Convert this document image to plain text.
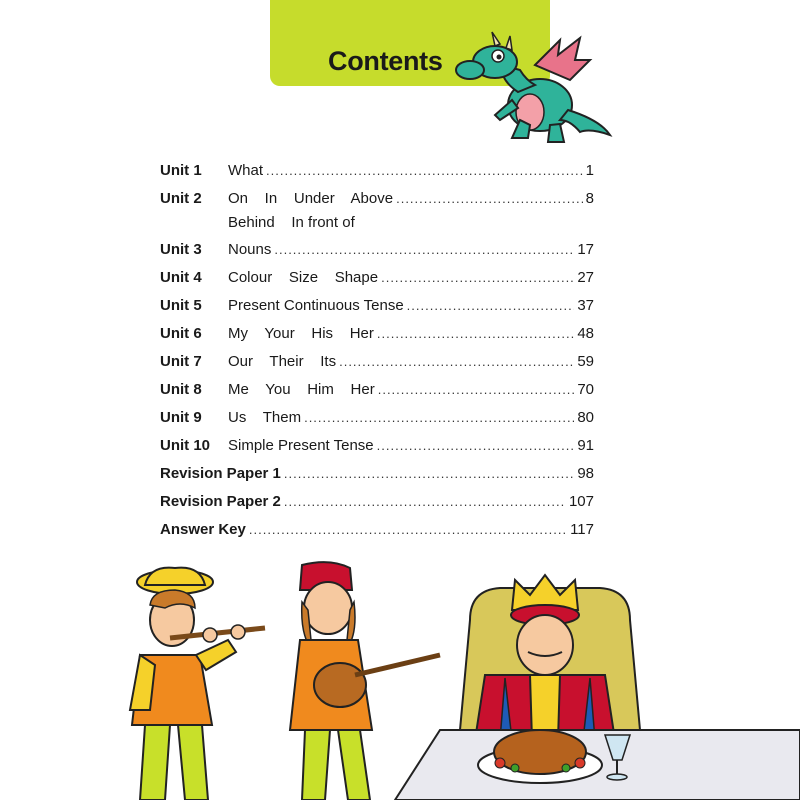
Contents
Unit 1	What .....	1
Unit 2	On    In    Under    Above .....	8
Behind    In front of
Unit 3	Nouns .....	17
Unit 4	Colour    Size    Shape .....	27
Unit 5	Present Continuous Tense .....	37
Unit 6	My    Your    His    Her .....	48
Unit 7	Our    Their    Its .....	59
Unit 8	Me    You    Him    Her .....	70
Unit 9	Us    Them .....	80
Unit 10	Simple Present Tense .....	91
Revision Paper 1 .....	98
Revision Paper 2 .....	107
Answer Key .....	117
